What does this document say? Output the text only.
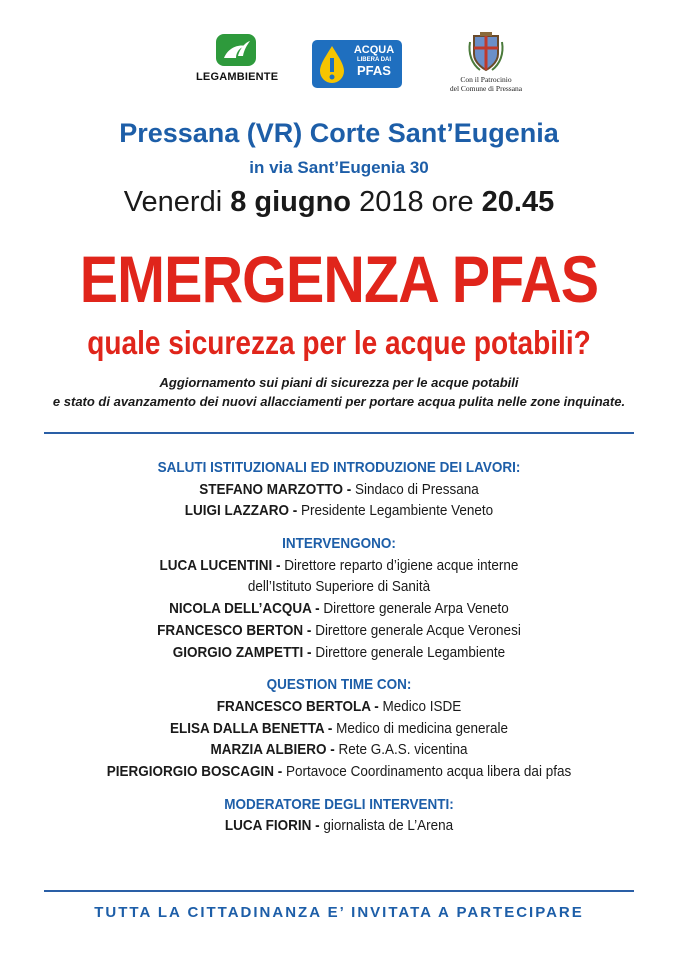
LEGAMBIENTE
ACQUA
LIBERA DAI
PFAS
Con il Patrocinio
del Comune di Pressana
Pressana (VR) Corte Sant’Eugenia
in via Sant’Eugenia 30
Venerdi 8 giugno 2018 ore 20.45
EMERGENZA PFAS
quale sicurezza per le acque potabili?
Aggiornamento sui piani di sicurezza per le acque potabili
e stato di avanzamento dei nuovi allacciamenti per portare acqua pulita nelle zone inquinate.
SALUTI ISTITUZIONALI ED INTRODUZIONE DEI LAVORI:
STEFANO MARZOTTO - Sindaco di Pressana
LUIGI LAZZARO - Presidente Legambiente Veneto
INTERVENGONO:
LUCA LUCENTINI - Direttore reparto d’igiene acque interne
dell’Istituto Superiore di Sanità
NICOLA DELL’ACQUA - Direttore generale Arpa Veneto
FRANCESCO BERTON - Direttore generale Acque Veronesi
GIORGIO ZAMPETTI - Direttore generale Legambiente
QUESTION TIME CON:
FRANCESCO BERTOLA - Medico ISDE
ELISA DALLA BENETTA - Medico di medicina generale
MARZIA ALBIERO - Rete G.A.S. vicentina
PIERGIORGIO BOSCAGIN - Portavoce Coordinamento acqua libera dai pfas
MODERATORE DEGLI INTERVENTI:
LUCA FIORIN - giornalista de L’Arena
TUTTA LA CITTADINANZA E’ INVITATA A PARTECIPARE
